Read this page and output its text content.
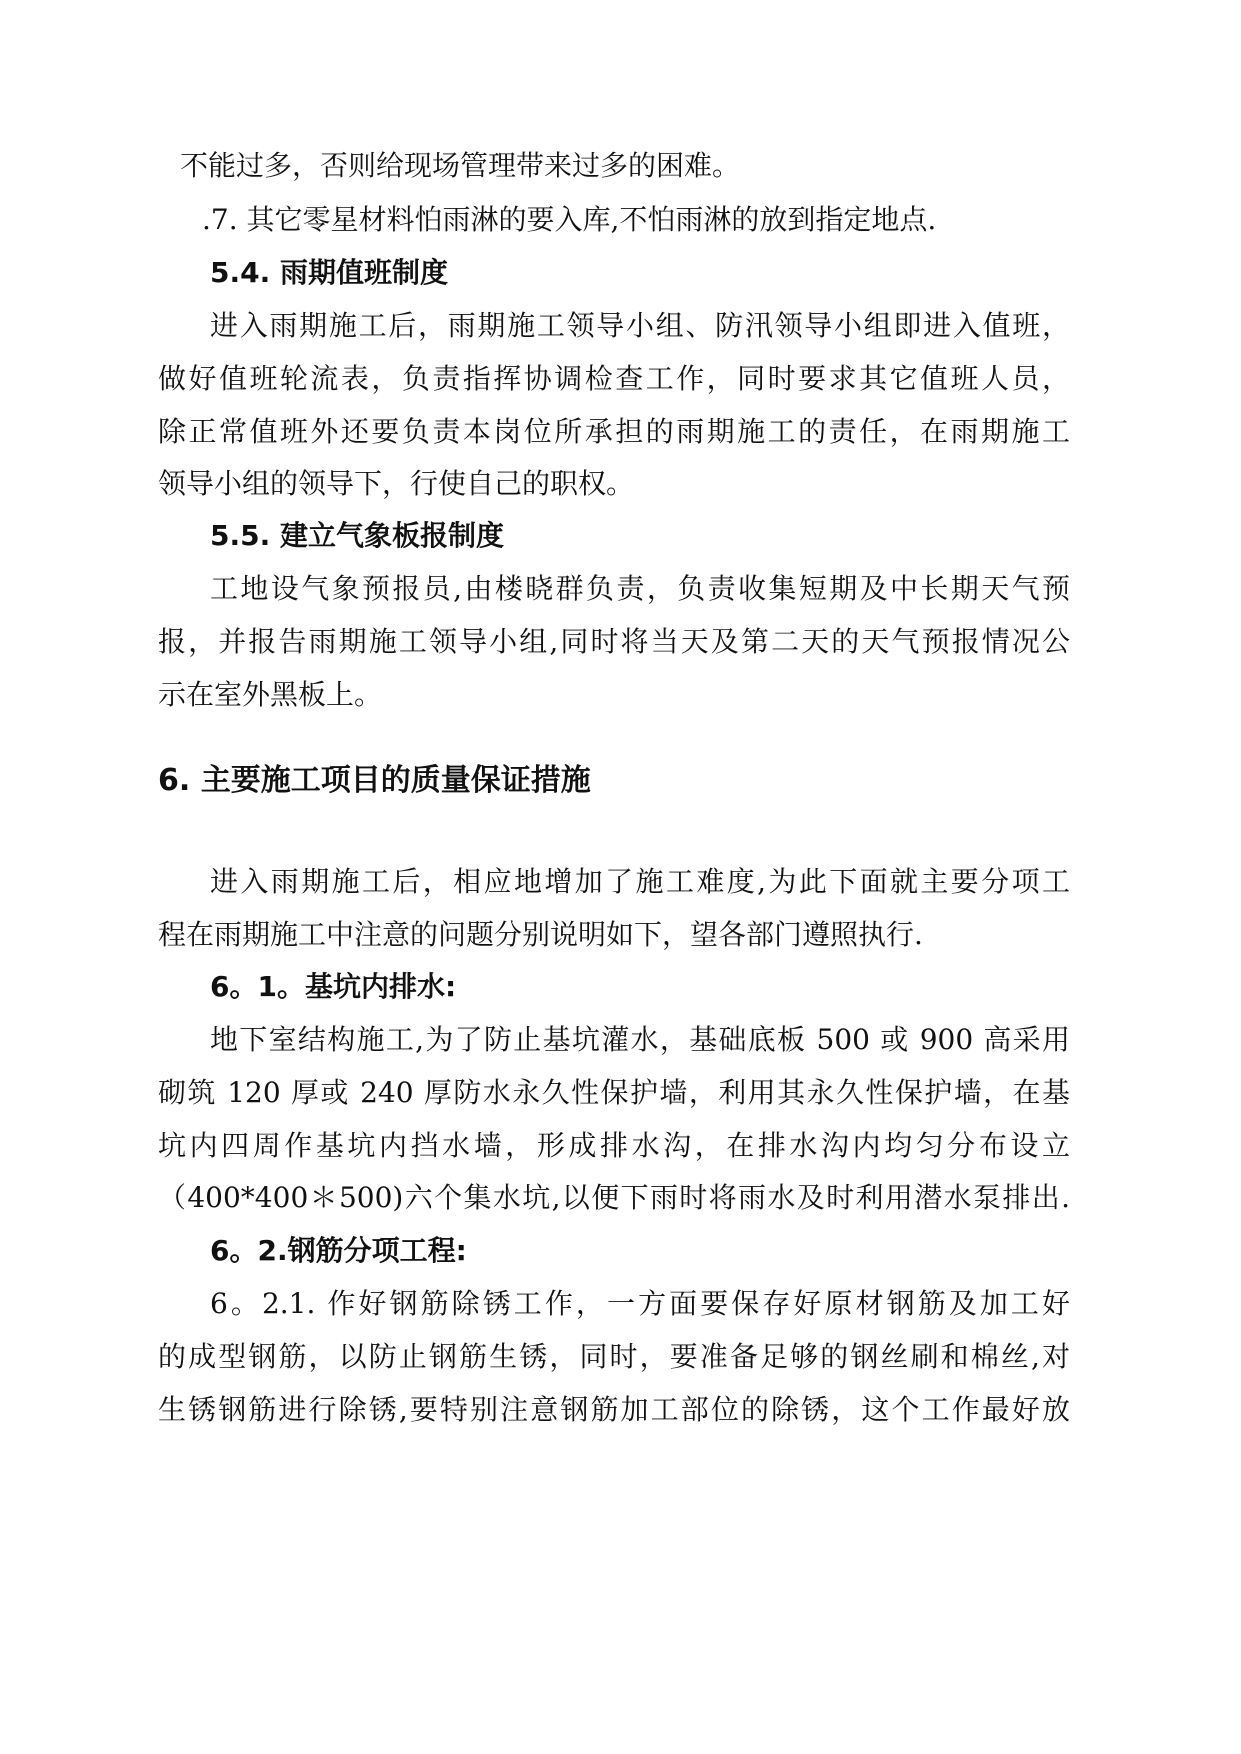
不能过多，否则给现场管理带来过多的困难。
.7. 其它零星材料怕雨淋的要入库,不怕雨淋的放到指定地点.
5.4. 雨期值班制度
进入雨期施工后，雨期施工领导小组、防汛领导小组即进入值班，
做好值班轮流表，负责指挥协调检查工作，同时要求其它值班人员，
除正常值班外还要负责本岗位所承担的雨期施工的责任，在雨期施工
领导小组的领导下，行使自己的职权。
5.5. 建立气象板报制度
工地设气象预报员,由楼晓群负责，负责收集短期及中长期天气预
报，并报告雨期施工领导小组,同时将当天及第二天的天气预报情况公
示在室外黑板上。
6. 主要施工项目的质量保证措施
进入雨期施工后，相应地增加了施工难度,为此下面就主要分项工
程在雨期施工中注意的问题分别说明如下，望各部门遵照执行.
6。1。基坑内排水:
地下室结构施工,为了防止基坑灌水，基础底板 500 或 900 高采用
砌筑 120 厚或 240 厚防水永久性保护墙，利用其永久性保护墙，在基
坑内四周作基坑内挡水墙，形成排水沟，在排水沟内均匀分布设立
（400*400＊500)六个集水坑,以便下雨时将雨水及时利用潜水泵排出.
6。2.钢筋分项工程:
6。2.1. 作好钢筋除锈工作，一方面要保存好原材钢筋及加工好
的成型钢筋，以防止钢筋生锈，同时，要准备足够的钢丝刷和棉丝,对
生锈钢筋进行除锈,要特别注意钢筋加工部位的除锈，这个工作最好放
